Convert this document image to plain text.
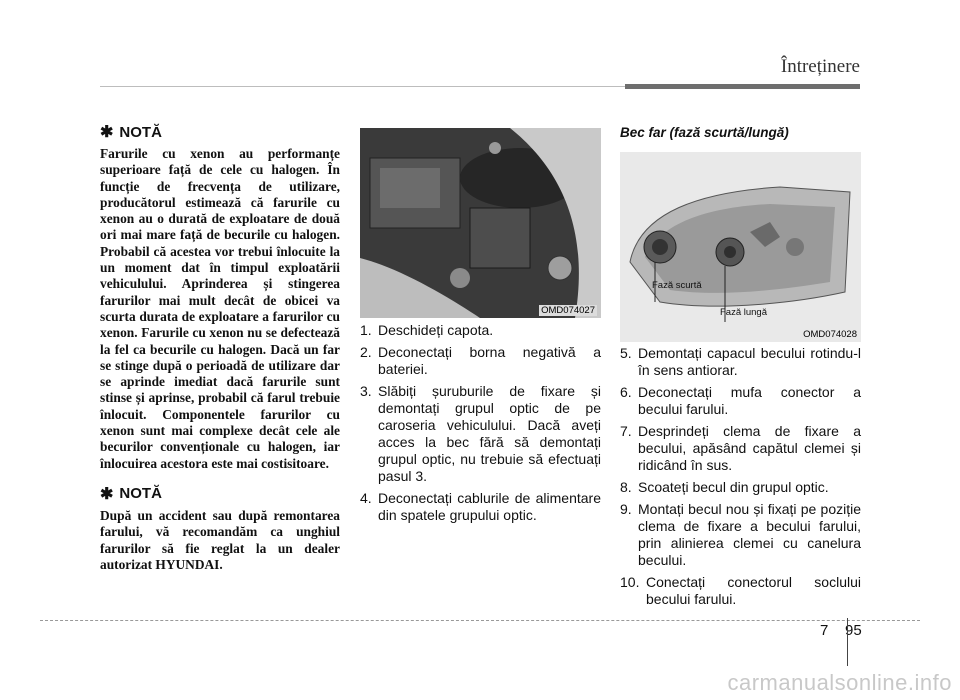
Întreținere

✱ NOTĂ

Farurile cu xenon au performanțe superioare față de cele cu halogen. În funcție de frecvența de utilizare, producătorul estimează că farurile cu xenon au o durată de exploatare de două ori mai mare față de becurile cu halogen. Probabil că acestea vor trebui înlocuite la un moment dat în timpul exploatării vehiculului. Aprinderea și stingerea farurilor mai mult decât de obicei va scurta durata de exploatare a farurilor cu xenon. Farurile cu xenon nu se defectează la fel ca becurile cu halogen. Dacă un far se stinge după o perioadă de utilizare dar se aprinde imediat dacă farurile sunt stinse și aprinse, probabil că farul trebuie înlocuit. Componentele farurilor cu xenon sunt mai complexe decât cele ale becurilor convenționale cu halogen, iar înlocuirea acestora este mai costisitoare.

✱ NOTĂ

După un accident sau după remontarea farului, vă recomandăm ca unghiul farurilor să fie reglat la un dealer autorizat HYUNDAI.

OMD074027
1. Deschideți capota.
2. Deconectați borna negativă a bateriei.
3. Slăbiți șuruburile de fixare și demontați grupul optic de pe caroseria vehiculului. Dacă aveți acces la bec fără să demontați grupul optic, nu trebuie să efectuați pasul 3.
4. Deconectați cablurile de alimentare din spatele grupului optic.
Bec far (fază scurtă/lungă)
Fază scurtă
Fază lungă
OMD074028
5. Demontați capacul becului rotindu-l în sens antiorar.
6. Deconectați mufa conector a becului farului.
7. Desprindeți clema de fixare a becului, apăsând capătul clemei și ridicând în sus.
8. Scoateți becul din grupul optic.
9. Montați becul nou și fixați pe poziție clema de fixare a becului farului, prin alinierea clemei cu canelura becului.
10. Conectați conectorul soclului becului farului.
7 95
carmanualsonline.info
